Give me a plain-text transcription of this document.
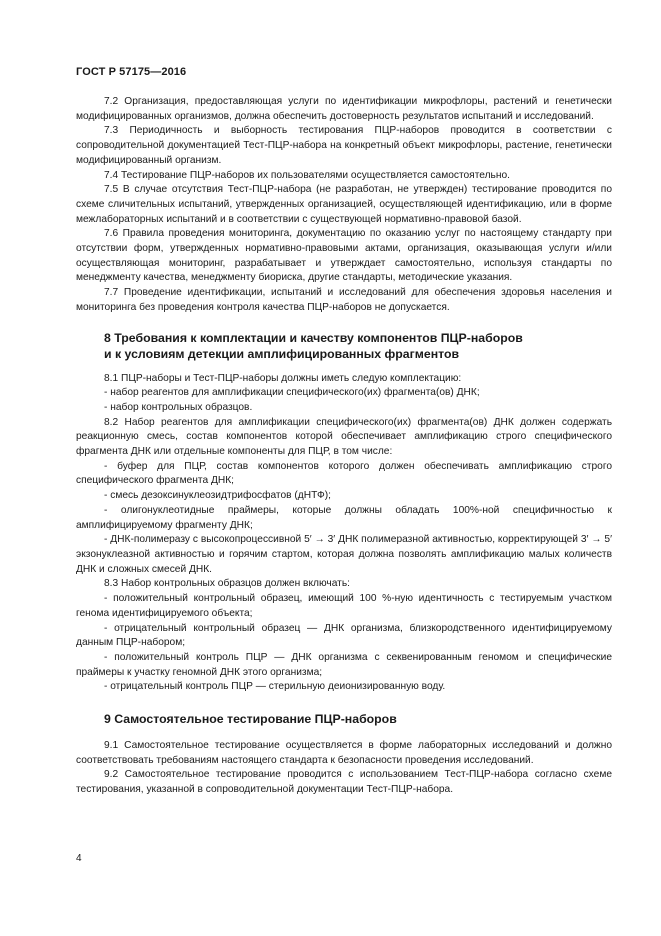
ГОСТ Р 57175—2016

7.2 Организация, предоставляющая услуги по идентификации микрофлоры, растений и генетически модифицированных организмов, должна обеспечить достоверность результатов испытаний и исследований.

7.3 Периодичность и выборность тестирования ПЦР-наборов проводится в соответствии с сопроводительной документацией Тест-ПЦР-набора на конкретный объект микрофлоры, растение, генетически модифицированный организм.

7.4 Тестирование ПЦР-наборов их пользователями осуществляется самостоятельно.

7.5 В случае отсутствия Тест-ПЦР-набора (не разработан, не утвержден) тестирование проводится по схеме сличительных испытаний, утвержденных организацией, осуществляющей идентификацию, или в форме межлабораторных испытаний и в соответствии с существующей нормативно-правовой базой.

7.6 Правила проведения мониторинга, документацию по оказанию услуг по настоящему стандарту при отсутствии форм, утвержденных нормативно-правовыми актами, организация, оказывающая услуги и/или осуществляющая мониторинг, разрабатывает и утверждает самостоятельно, используя стандарты по менеджменту качества, менеджменту биориска, другие стандарты, методические указания.

7.7 Проведение идентификации, испытаний и исследований для обеспечения здоровья населения и мониторинга без проведения контроля качества ПЦР-наборов не допускается.

8 Требования к комплектации и качеству компонентов ПЦР-наборов
и к условиям детекции амплифицированных фрагментов

8.1 ПЦР-наборы и Тест-ПЦР-наборы должны иметь следую комплектацию:

- набор реагентов для амплификации специфического(их) фрагмента(ов) ДНК;

- набор контрольных образцов.

8.2 Набор реагентов для амплификации специфического(их) фрагмента(ов) ДНК должен содержать реакционную смесь, состав компонентов которой обеспечивает амплификацию строго специфического фрагмента ДНК или отдельные компоненты для ПЦР, в том числе:

- буфер для ПЦР, состав компонентов которого должен обеспечивать амплификацию строго специфического фрагмента ДНК;

- смесь дезоксинуклеозидтрифосфатов (дНТФ);

- олигонуклеотидные праймеры, которые должны обладать 100%-ной специфичностью к амплифицируемому фрагменту ДНК;

- ДНК-полимеразу с высокопроцессивной 5′ → 3′ ДНК полимеразной активностью, корректирующей 3′ → 5′ экзонуклеазной активностью и горячим стартом, которая должна позволять амплификацию малых количеств ДНК и сложных смесей ДНК.

8.3 Набор контрольных образцов должен включать:

- положительный контрольный образец, имеющий 100 %-ную идентичность с тестируемым участком генома идентифицируемого объекта;

- отрицательный контрольный образец — ДНК организма, близкородственного идентифицируемому данным ПЦР-набором;

- положительный контроль ПЦР — ДНК организма с секвенированным геномом и специфические праймеры к участку геномной ДНК этого организма;

- отрицательный контроль ПЦР — стерильную деионизированную воду.

9 Самостоятельное тестирование ПЦР-наборов

9.1 Самостоятельное тестирование осуществляется в форме лабораторных исследований и должно соответствовать требованиям настоящего стандарта к безопасности проведения исследований.

9.2 Самостоятельное тестирование проводится с использованием Тест-ПЦР-набора согласно схеме тестирования, указанной в сопроводительной документации Тест-ПЦР-набора.

4
